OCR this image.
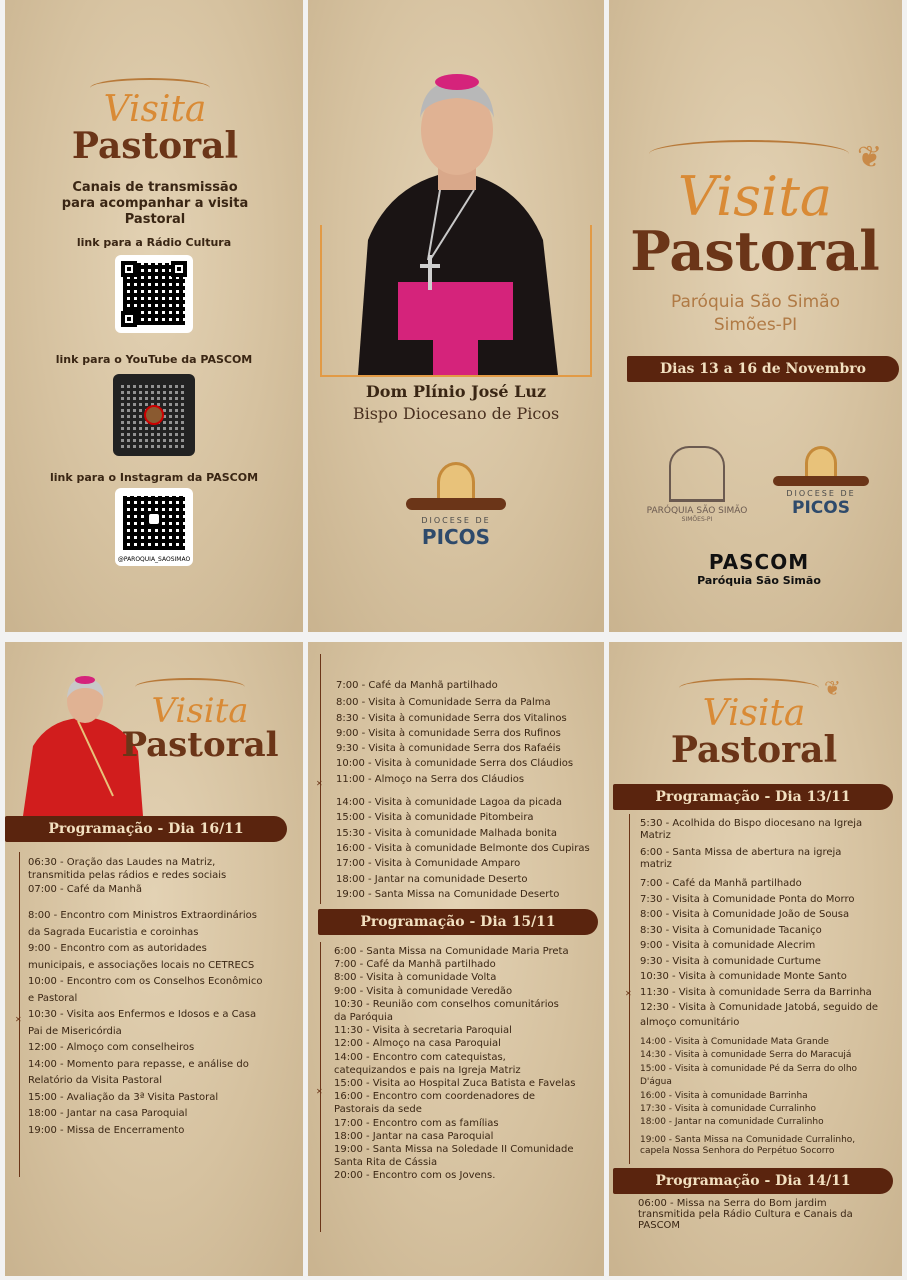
Visita
Pastoral
Canais de transmissão para acompanhar a visita Pastoral
link para a Rádio Cultura
link para o YouTube da PASCOM
link para o Instagram da PASCOM
@PAROQUIA_SAOSIMAO
Dom Plínio José Luz
Bispo Diocesano de Picos
DIOCESE DE
PICOS
❦
Visita
Pastoral
Paróquia São Simão
Simões-PI
Dias 13 a 16 de Novembro
PARÓQUIA SÃO SIMÃO
SIMÕES-PI
DIOCESE DE
PICOS
PASCOM
Paróquia São Simão
Visita
Pastoral
Programação - Dia 16/11
✕
06:30 - Oração das Laudes na Matriz,
transmitida pelas rádios e redes sociais
07:00 - Café da Manhã
8:00 - Encontro com Ministros Extraordinários
da Sagrada Eucaristia e coroinhas
9:00 - Encontro com as autoridades
municipais, e associações locais no CETRECS
10:00 - Encontro com os Conselhos Econômico
e Pastoral
10:30 - Visita aos Enfermos e Idosos e a Casa
Pai de Misericórdia
12:00 - Almoço com conselheiros
14:00 - Momento para repasse, e análise do
Relatório da Visita Pastoral
15:00 - Avaliação da 3ª Visita Pastoral
18:00 - Jantar na casa Paroquial
19:00 - Missa de Encerramento
✕
7:00 - Café da Manhã partilhado
8:00 - Visita à Comunidade Serra da Palma
8:30 - Visita à comunidade Serra dos Vitalinos
9:00 - Visita à comunidade Serra dos Rufinos
9:30 - Visita à comunidade Serra dos Rafaéis
10:00 - Visita à comunidade Serra dos Cláudios
11:00 - Almoço na Serra dos Cláudios
14:00 - Visita à comunidade Lagoa da picada
15:00 - Visita à comunidade Pitombeira
15:30 - Visita à comunidade Malhada bonita
16:00 - Visita à comunidade Belmonte dos Cupiras
17:00 - Visita à Comunidade Amparo
18:00 - Jantar na comunidade Deserto
19:00 - Santa Missa na Comunidade Deserto
Programação - Dia 15/11
✕
6:00 - Santa Missa na Comunidade Maria Preta
7:00 - Café da Manhã partilhado
8:00 - Visita à comunidade Volta
9:00 - Visita à comunidade Veredão
10:30 - Reunião com conselhos comunitários
da Paróquia
11:30 - Visita à secretaria Paroquial
12:00 - Almoço na casa Paroquial
14:00 - Encontro com catequistas,
catequizandos e pais na Igreja Matriz
15:00 - Visita ao Hospital Zuca Batista e Favelas
16:00 - Encontro com coordenadores de
Pastorais da sede
17:00 - Encontro com as famílias
18:00 - Jantar na casa Paroquial
19:00 - Santa Missa na Soledade II Comunidade
Santa Rita de Cássia
20:00 - Encontro com os Jovens.
❦
Visita
Pastoral
Programação - Dia 13/11
✕
5:30 - Acolhida do Bispo diocesano na Igreja
Matriz
6:00 - Santa Missa de abertura na igreja
matriz
7:00 - Café da Manhã partilhado
7:30 - Visita à Comunidade Ponta do Morro
8:00 - Visita à Comunidade João de Sousa
8:30 - Visita à Comunidade Tacaniço
9:00 - Visita à comunidade Alecrim
9:30 - Visita à comunidade Curtume
10:30 - Visita à comunidade Monte Santo
11:30 - Visita à comunidade Serra da Barrinha
12:30 - Visita à Comunidade Jatobá, seguido de
almoço comunitário
14:00 - Visita à Comunidade Mata Grande
14:30 - Visita à comunidade Serra do Maracujá
15:00 - Visita à comunidade Pé da Serra do olho
D'água
16:00 - Visita à comunidade Barrinha
17:30 - Visita à comunidade Curralinho
18:00 - Jantar na comunidade Curralinho
19:00 - Santa Missa na Comunidade Curralinho,
capela Nossa Senhora do Perpétuo Socorro
Programação - Dia 14/11
06:00 - Missa na Serra do Bom jardim
transmitida pela Rádio Cultura e Canais da
PASCOM
